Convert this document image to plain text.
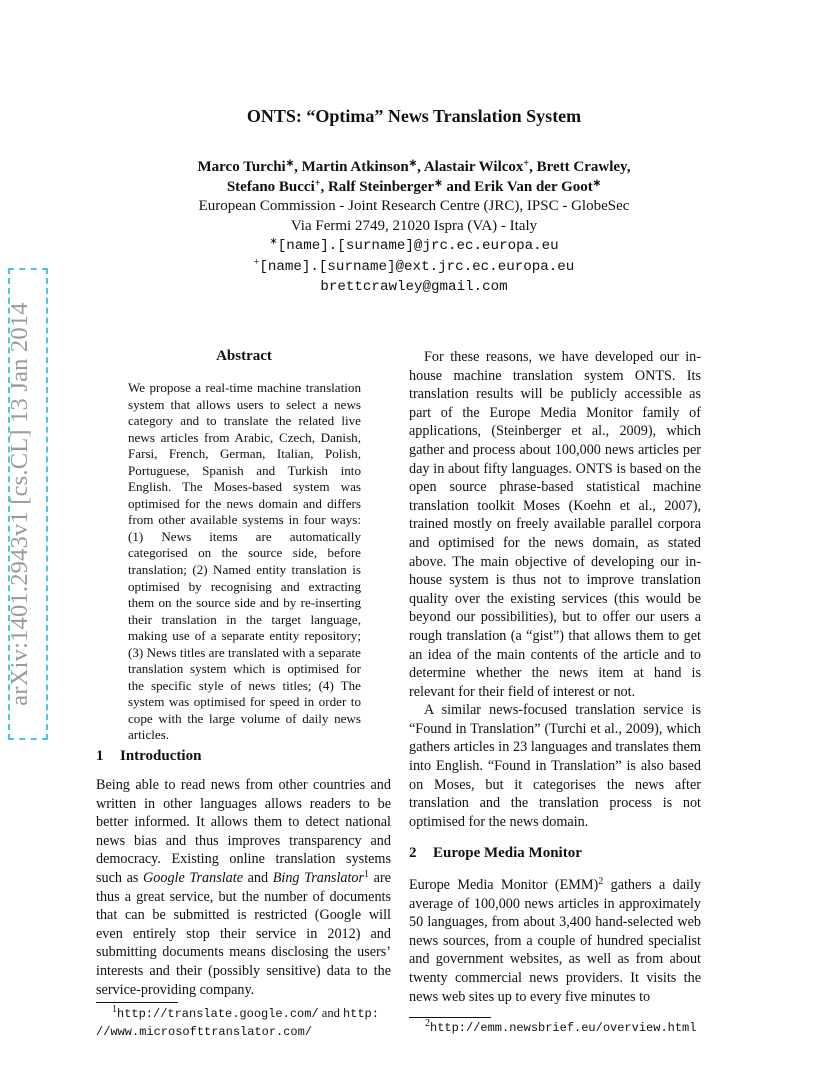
arXiv:1401.2943v1 [cs.CL] 13 Jan 2014
ONTS: “Optima” News Translation System
Marco Turchi∗, Martin Atkinson∗, Alastair Wilcox+, Brett Crawley,
Stefano Bucci+, Ralf Steinberger∗ and Erik Van der Goot∗
European Commission - Joint Research Centre (JRC), IPSC - GlobeSec
Via Fermi 2749, 21020 Ispra (VA) - Italy
∗[name].[surname]@jrc.ec.europa.eu
+[name].[surname]@ext.jrc.ec.europa.eu
brettcrawley@gmail.com
Abstract
We propose a real-time machine translation system that allows users to select a news category and to translate the related live news articles from Arabic, Czech, Danish, Farsi, French, German, Italian, Polish, Portuguese, Spanish and Turkish into English. The Moses-based system was optimised for the news domain and differs from other available systems in four ways: (1) News items are automatically categorised on the source side, before translation; (2) Named entity translation is optimised by recognising and extracting them on the source side and by re-inserting their translation in the target language, making use of a separate entity repository; (3) News titles are translated with a separate translation system which is optimised for the specific style of news titles; (4) The system was optimised for speed in order to cope with the large volume of daily news articles.
1 Introduction

Being able to read news from other countries and written in other languages allows readers to be better informed. It allows them to detect national news bias and thus improves transparency and democracy. Existing online translation systems such as Google Translate and Bing Translator$^1$ are thus a great service, but the number of documents that can be submitted is restricted (Google will even entirely stop their service in 2012) and submitting documents means disclosing the users’ interests and their (possibly sensitive) data to the service-providing company.

For these reasons, we have developed our in-house machine translation system ONTS. Its translation results will be publicly accessible as part of the Europe Media Monitor family of applications, (Steinberger et al., 2009), which gather and process about 100,000 news articles per day in about fifty languages. ONTS is based on the open source phrase-based statistical machine translation toolkit Moses (Koehn et al., 2007), trained mostly on freely available parallel corpora and optimised for the news domain, as stated above. The main objective of developing our in-house system is thus not to improve translation quality over the existing services (this would be beyond our possibilities), but to offer our users a rough translation (a “gist”) that allows them to get an idea of the main contents of the article and to determine whether the news item at hand is relevant for their field of interest or not.

A similar news-focused translation service is “Found in Translation” (Turchi et al., 2009), which gathers articles in 23 languages and translates them into English. “Found in Translation” is also based on Moses, but it categorises the news after translation and the translation process is not optimised for the news domain.

2 Europe Media Monitor

Europe Media Monitor (EMM)$^2$ gathers a daily average of 100,000 news articles in approximately 50 languages, from about 3,400 hand-selected web news sources, from a couple of hundred specialist and government websites, as well as from about twenty commercial news providers. It visits the news web sites up to every five minutes to

$^1$http://translate.google.com/ and http:
//www.microsofttranslator.com/
$^2$http://emm.newsbrief.eu/overview.html
